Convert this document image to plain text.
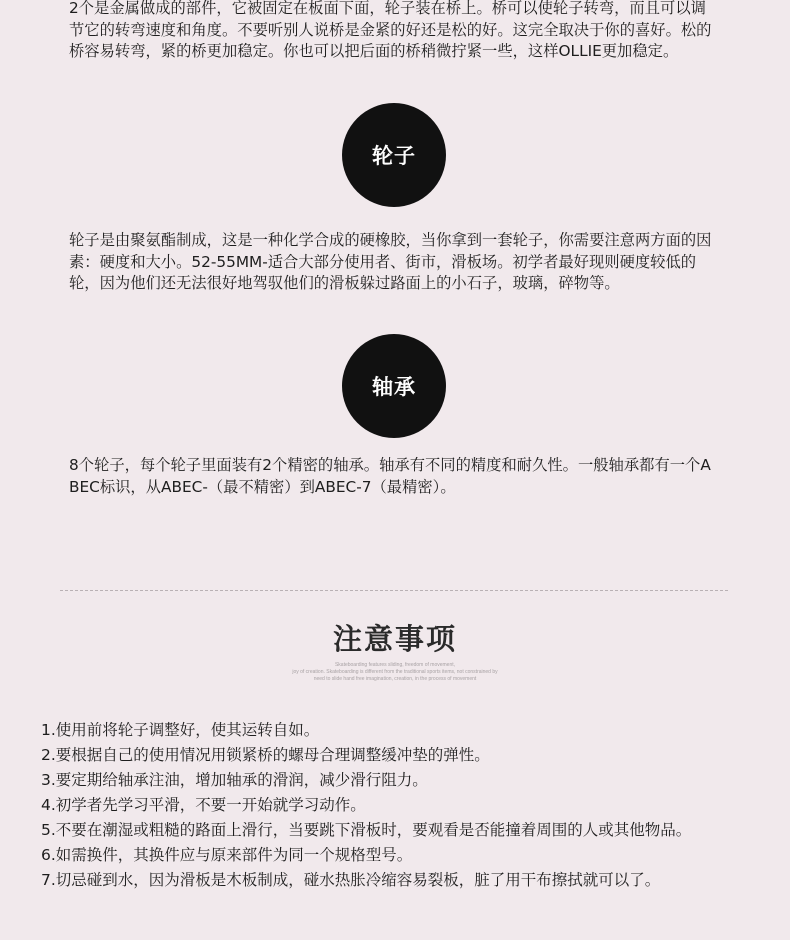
2个是金属做成的部件，它被固定在板面下面，轮子装在桥上。桥可以使轮子转弯，而且可以调节它的转弯速度和角度。不要听别人说桥是金紧的好还是松的好。这完全取决于你的喜好。松的桥容易转弯，紧的桥更加稳定。你也可以把后面的桥稍微拧紧一些，这样OLLIE更加稳定。

轮子

轮子是由聚氨酯制成，这是一种化学合成的硬橡胶，当你拿到一套轮子，你需要注意两方面的因素：硬度和大小。52-55MM-适合大部分使用者、街市，滑板场。初学者最好现则硬度较低的轮，因为他们还无法很好地驾驭他们的滑板躲过路面上的小石子，玻璃，碎物等。

轴承

8个轮子，每个轮子里面装有2个精密的轴承。轴承有不同的精度和耐久性。一般轴承都有一个ABEC标识，从ABEC-（最不精密）到ABEC-7（最精密）。

注意事项
Skateboarding features sliding, freedom of movement,
joy of creation. Skateboarding is different from the traditional sports items, not constrained by
need to slide hand free imagination, creation, in the process of movement
1.使用前将轮子调整好，使其运转自如。
2.要根据自己的使用情况用锁紧桥的螺母合理调整缓冲垫的弹性。
3.要定期给轴承注油，增加轴承的滑润，减少滑行阻力。
4.初学者先学习平滑，不要一开始就学习动作。
5.不要在潮湿或粗糙的路面上滑行，当要跳下滑板时，要观看是否能撞着周围的人或其他物品。
6.如需换件，其换件应与原来部件为同一个规格型号。
7.切忌碰到水，因为滑板是木板制成，碰水热胀冷缩容易裂板，脏了用干布擦拭就可以了。
